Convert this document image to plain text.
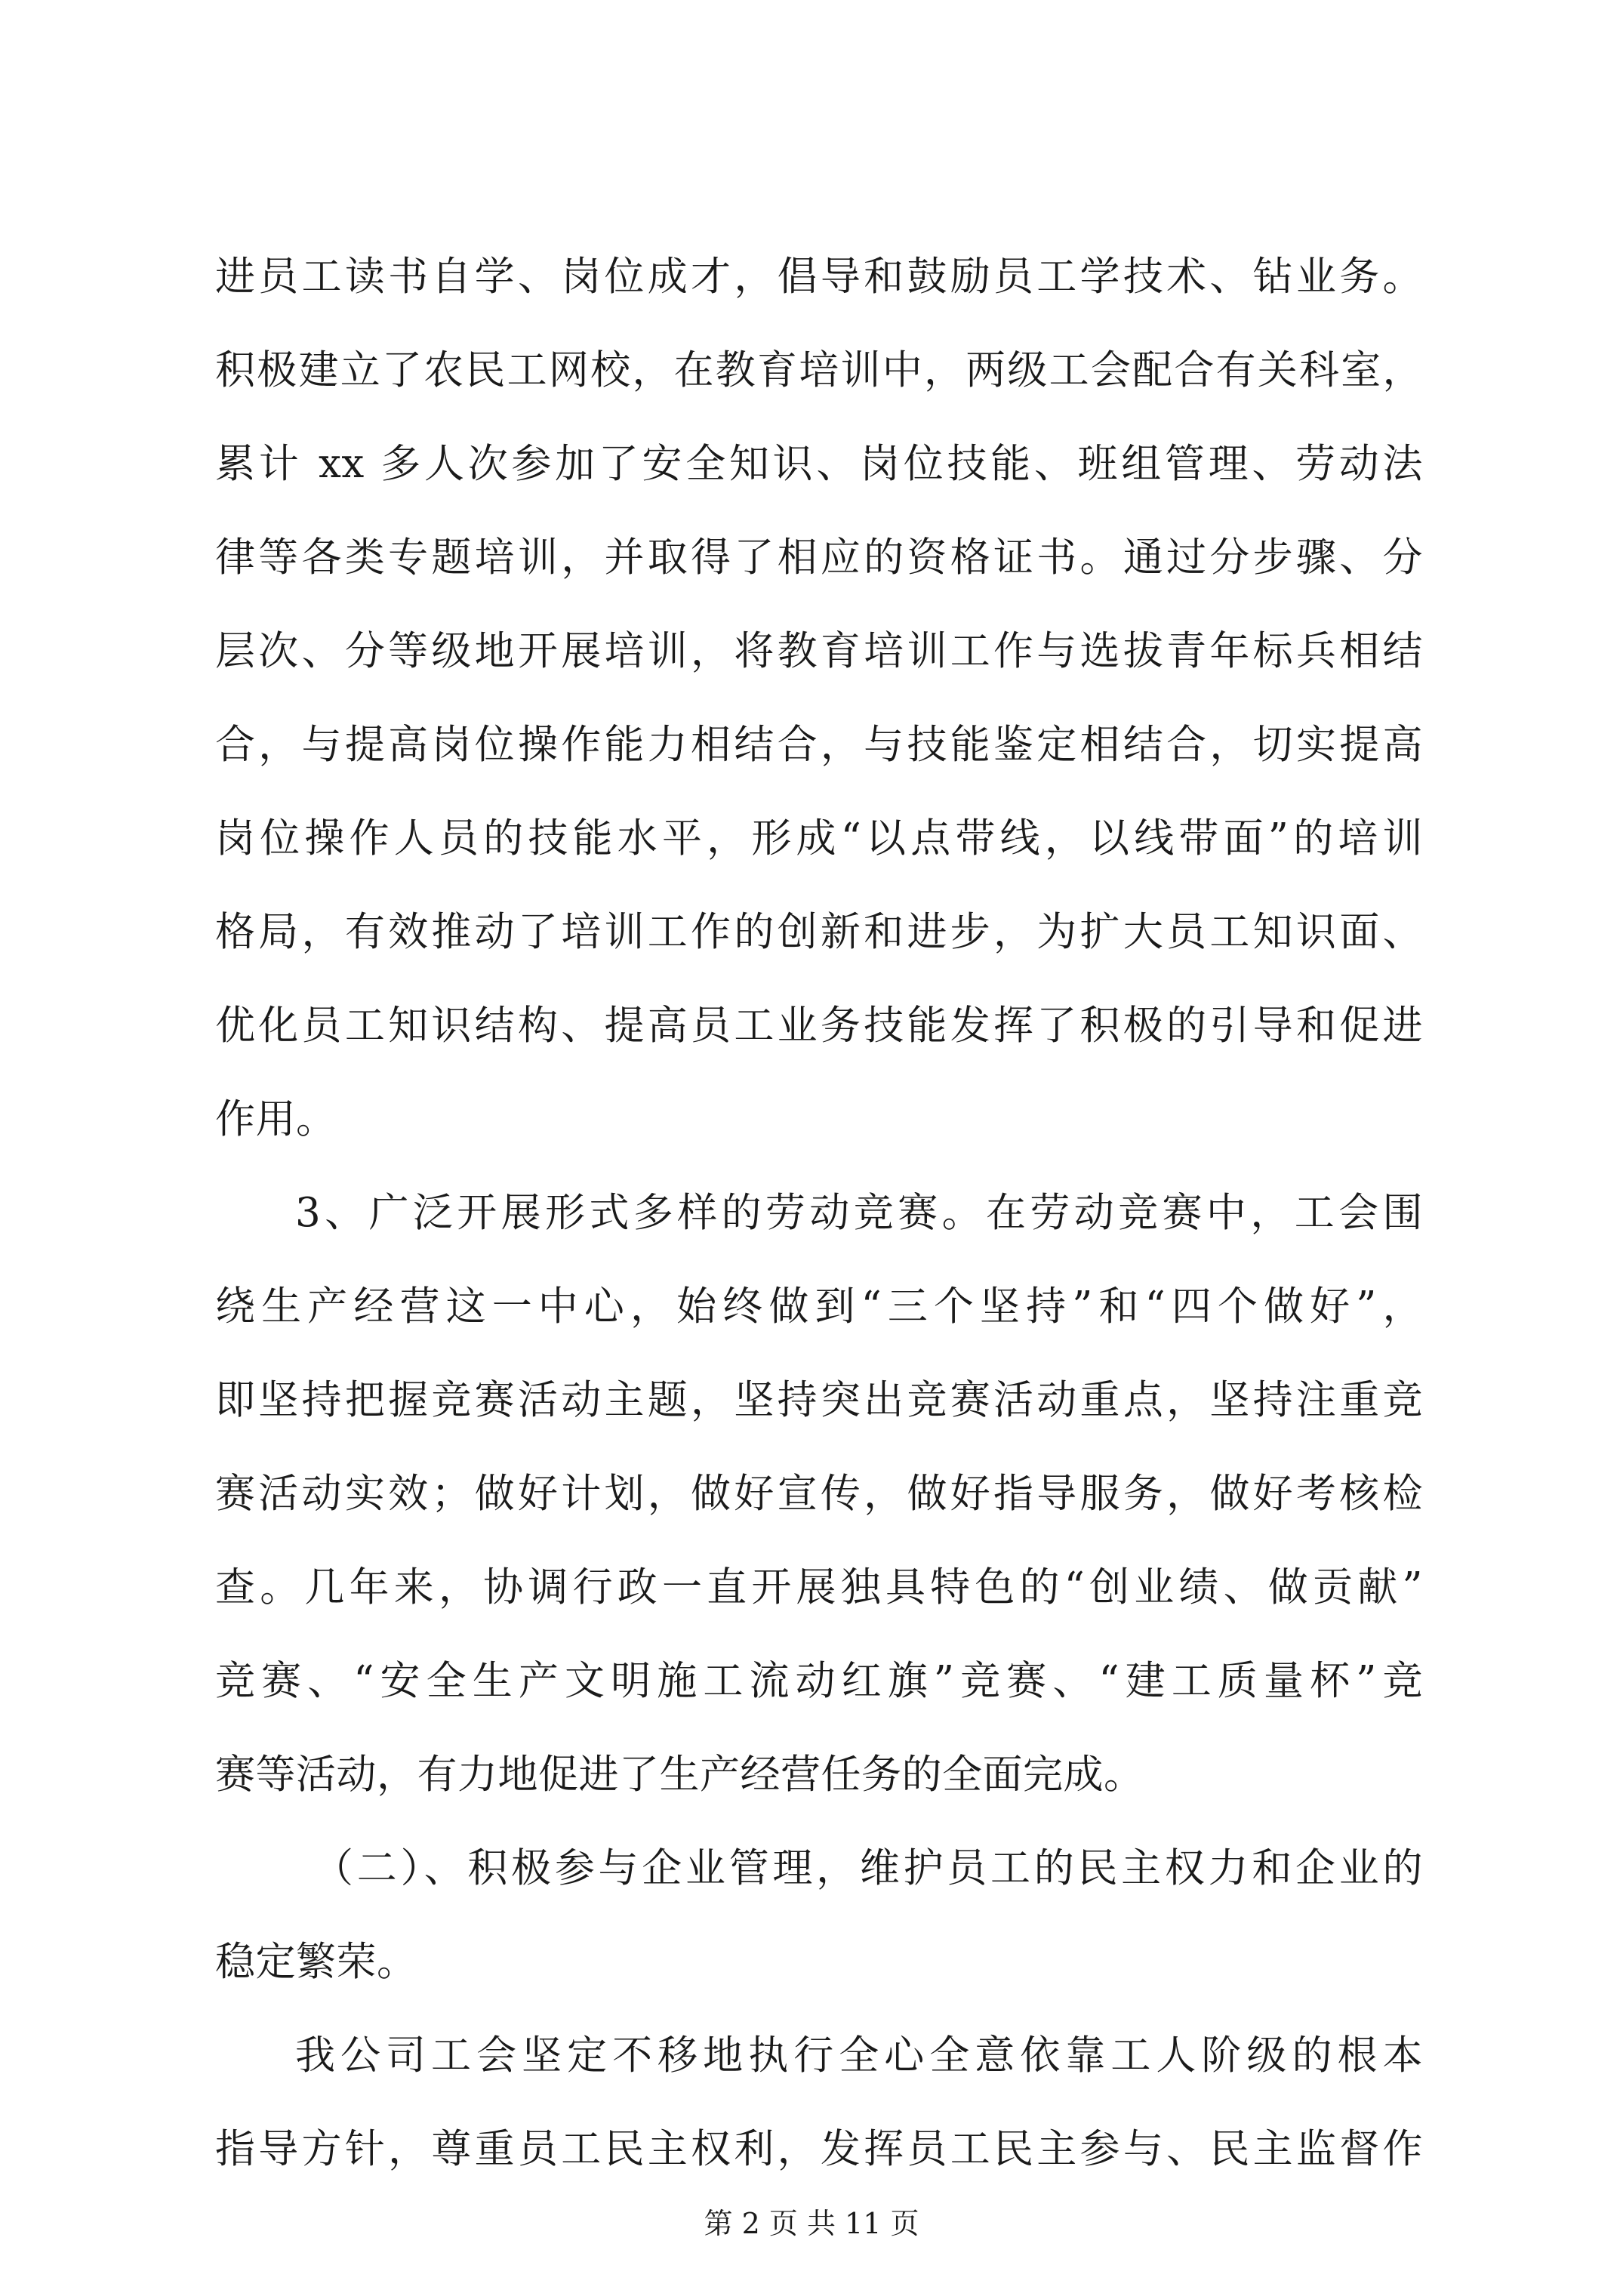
进员工读书自学、岗位成才，倡导和鼓励员工学技术、钻业务。
积极建立了农民工网校，在教育培训中，两级工会配合有关科室，
累计 xx 多人次参加了安全知识、岗位技能、班组管理、劳动法
律等各类专题培训，并取得了相应的资格证书。通过分步骤、分
层次、分等级地开展培训，将教育培训工作与选拔青年标兵相结
合，与提高岗位操作能力相结合，与技能鉴定相结合，切实提高
岗位操作人员的技能水平，形成“以点带线，以线带面”的培训
格局，有效推动了培训工作的创新和进步，为扩大员工知识面、
优化员工知识结构、提高员工业务技能发挥了积极的引导和促进
作用。
3、广泛开展形式多样的劳动竞赛。在劳动竞赛中，工会围
绕生产经营这一中心，始终做到“三个坚持”和“四个做好”，
即坚持把握竞赛活动主题，坚持突出竞赛活动重点，坚持注重竞
赛活动实效；做好计划，做好宣传，做好指导服务，做好考核检
查。几年来，协调行政一直开展独具特色的“创业绩、做贡献”
竞赛、“安全生产文明施工流动红旗”竞赛、“建工质量杯”竞
赛等活动，有力地促进了生产经营任务的全面完成。
（二）、积极参与企业管理，维护员工的民主权力和企业的
稳定繁荣。
我公司工会坚定不移地执行全心全意依靠工人阶级的根本
指导方针，尊重员工民主权利，发挥员工民主参与、民主监督作
第 2 页 共 11 页
